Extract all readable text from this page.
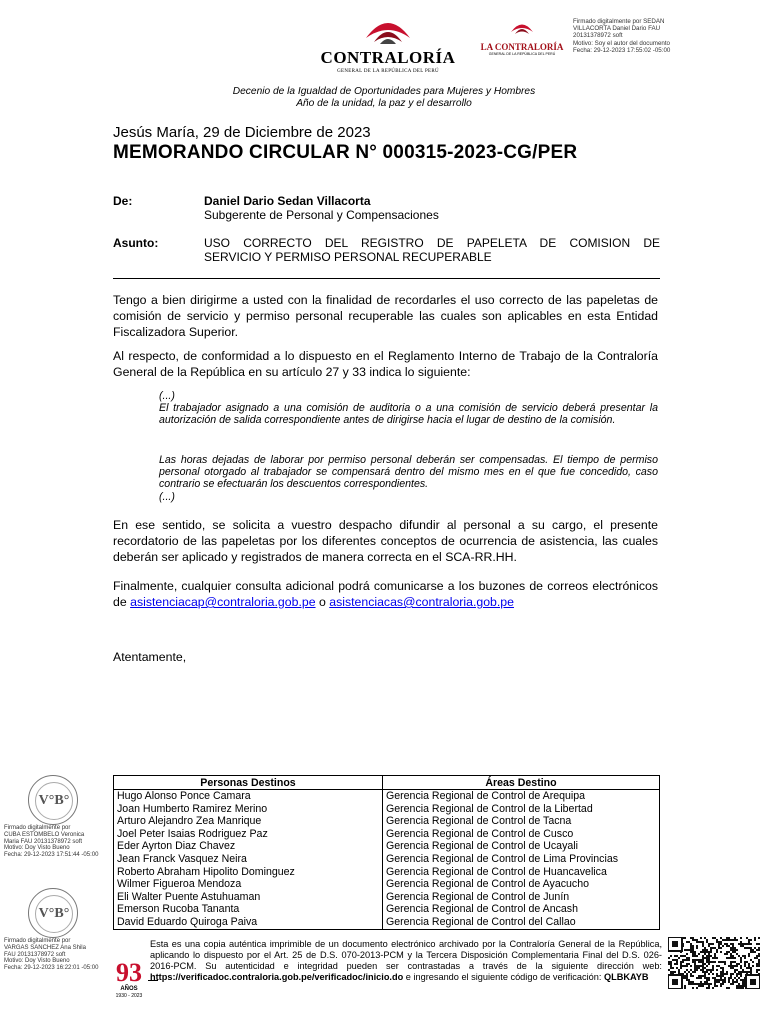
CONTRALORÍA
GENERAL DE LA REPÚBLICA DEL PERÚ
LA CONTRALORÍA
GENERAL DE LA REPÚBLICA DEL PERÚ
Firmado digitalmente por SEDAN
VILLACORTA Daniel Dario FAU
20131378972 soft
Motivo: Soy el autor del documento
Fecha: 29-12-2023 17:55:02 -05:00
Decenio de la Igualdad de Oportunidades para Mujeres y Hombres
Año de la unidad, la paz y el desarrollo
Jesús María, 29 de Diciembre de 2023
MEMORANDO CIRCULAR N° 000315-2023-CG/PER
De:	Daniel Dario Sedan Villacorta
Subgerente de Personal y Compensaciones
Asunto:	USO CORRECTO DEL REGISTRO DE PAPELETA DE COMISION DE
SERVICIO Y PERMISO PERSONAL RECUPERABLE
Tengo a bien dirigirme a usted con la finalidad de recordarles el uso correcto de las papeletas de comisión de servicio y permiso personal recuperable las cuales son aplicables en esta Entidad Fiscalizadora Superior.
Al respecto, de conformidad a lo dispuesto en el Reglamento Interno de Trabajo de la Contraloría General de la República en su artículo 27 y 33 indica lo siguiente:
(...)
El trabajador asignado a una comisión de auditoria o a una comisión de servicio deberá presentar la autorización de salida correspondiente antes de dirigirse hacia el lugar de destino de la comisión.
Las horas dejadas de laborar por permiso personal deberán ser compensadas. El tiempo de permiso personal otorgado al trabajador se compensará dentro del mismo mes en el que fue concedido, caso contrario se efectuarán los descuentos correspondientes.
(...)
En ese sentido, se solicita a vuestro despacho difundir al personal a su cargo, el presente recordatorio de las papeletas por los diferentes conceptos de ocurrencia de asistencia, las cuales deberán ser aplicado y registrados de manera correcta en el SCA-RR.HH.
Finalmente, cualquier consulta adicional podrá comunicarse a los buzones de correos electrónicos de asistenciacap@contraloria.gob.pe o asistenciacas@contraloria.gob.pe
Atentamente,
Personas Destinos	Áreas Destino
Hugo Alonso Ponce Camara	Gerencia Regional de Control de Arequipa
Joan Humberto Ramirez Merino	Gerencia Regional de Control de la Libertad
Arturo Alejandro Zea Manrique	Gerencia Regional de Control de Tacna
Joel Peter Isaias Rodriguez Paz	Gerencia Regional de Control de Cusco
Eder Ayrton Diaz Chavez	Gerencia Regional de Control de Ucayali
Jean Franck Vasquez Neira	Gerencia Regional de Control de Lima Provincias
Roberto Abraham Hipolito Dominguez	Gerencia Regional de Control de Huancavelica
Wilmer Figueroa Mendoza	Gerencia Regional de Control de Ayacucho
Eli Walter Puente Astuhuaman	Gerencia Regional de Control de Junín
Emerson Rucoba Tananta	Gerencia Regional de Control de Ancash
David Eduardo Quiroga Paiva	Gerencia Regional de Control del Callao
V°B°
Firmado digitalmente por
CUBA ESTOMBELO Veronica
Maria FAU 20131378972 soft
Motivo: Doy Visto Bueno
Fecha: 29-12-2023 17:51:44 -05:00
V°B°
Firmado digitalmente por
VARGAS SANCHEZ Ana Shila
FAU 20131378972 soft
Motivo: Doy Visto Bueno
Fecha: 29-12-2023 16:22:01 -05:00 93
AÑOS
1930 - 2023
Esta es una copia auténtica imprimible de un documento electrónico archivado por la Contraloría General de la República, aplicando lo dispuesto por el Art. 25 de D.S. 070-2013-PCM y la Tercera Disposición Complementaria Final del D.S. 026- 2016-PCM. Su autenticidad e integridad pueden ser contrastadas a través de la siguiente dirección web: https://verificadoc.contraloria.gob.pe/verificadoc/inicio.do e ingresando el siguiente código de verificación: QLBKAYB
